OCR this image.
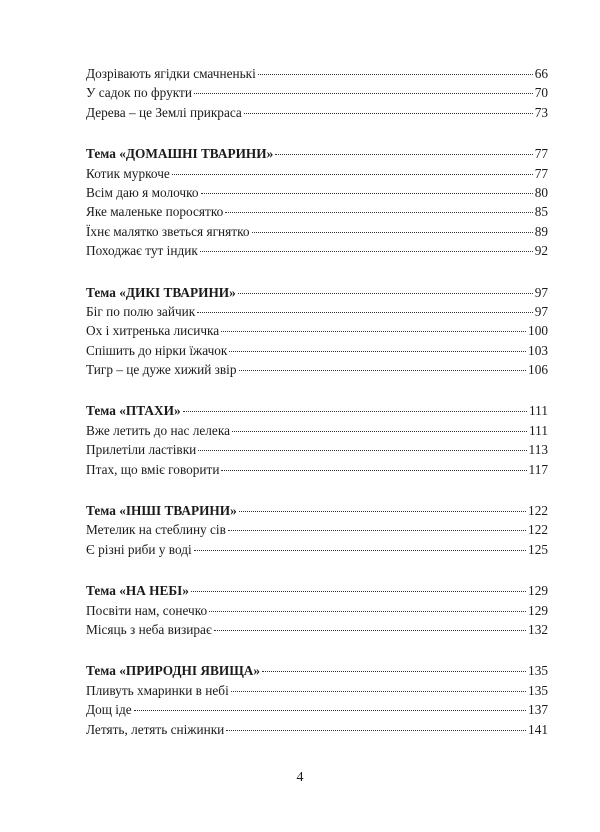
Дозрівають ягідки смачненькі	66
У садок по фрукти	70
Дерева – це Землі прикраса	73
Тема «ДОМАШНІ ТВАРИНИ»	77
Котик муркоче	77
Всім даю я молочко	80
Яке маленьке поросятко	85
Їхнє малятко зветься ягнятко	89
Походжає тут індик	92
Тема «ДИКІ ТВАРИНИ»	97
Біг по полю зайчик	97
Ох і хитренька лисичка	100
Спішить до нірки їжачок	103
Тигр – це дуже хижий звір	106
Тема «ПТАХИ»	111
Вже летить до нас лелека	111
Прилетіли ластівки	113
Птах, що вміє говорити	117
Тема «ІНШІ ТВАРИНИ»	122
Метелик на стеблину сів	122
Є різні риби у воді	125
Тема «НА НЕБІ»	129
Посвіти нам, сонечко	129
Місяць з неба визирає	132
Тема «ПРИРОДНІ ЯВИЩА»	135
Пливуть хмаринки в небі	135
Дощ іде	137
Летять, летять сніжинки	141
4
